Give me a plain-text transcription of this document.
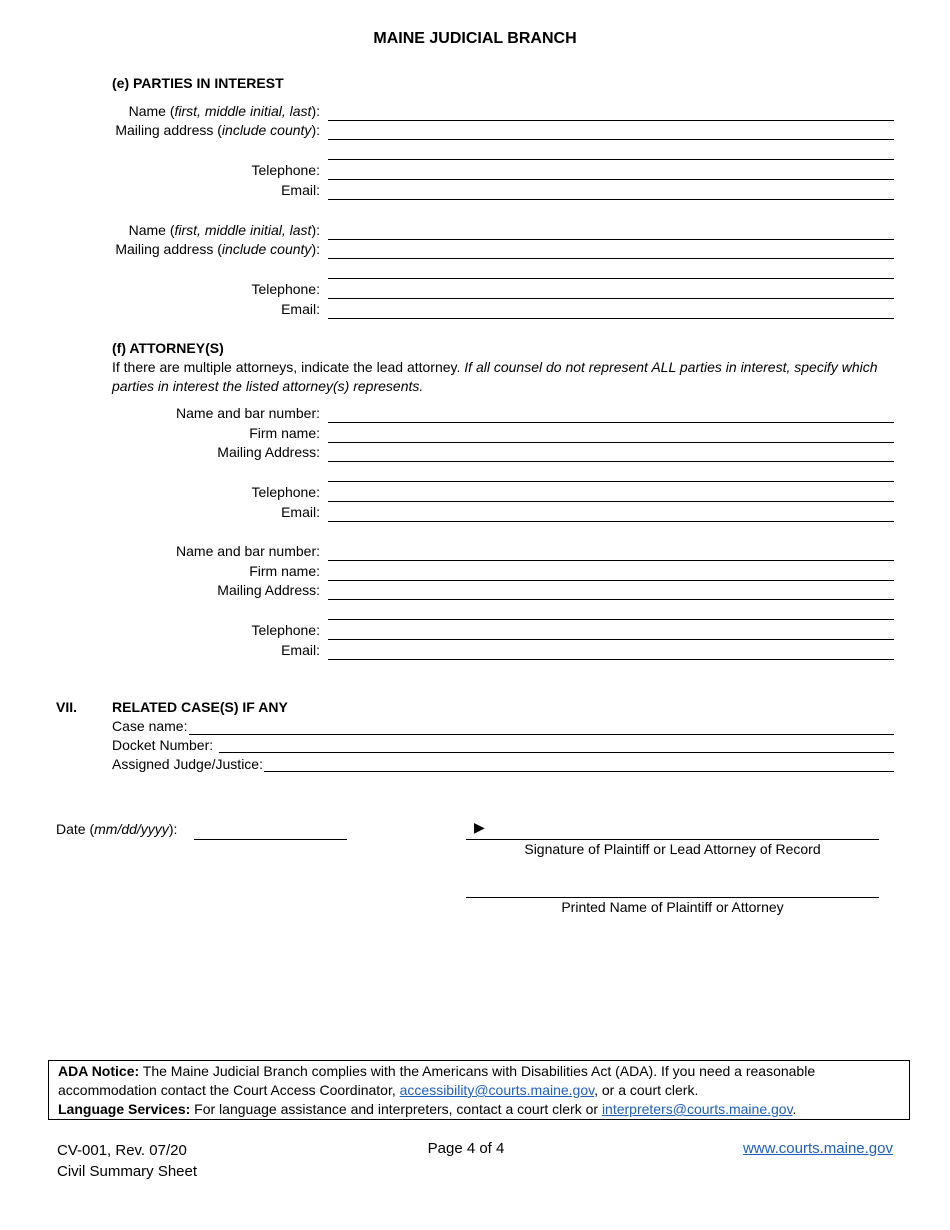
MAINE JUDICIAL BRANCH
(e) PARTIES IN INTEREST
Name (first, middle initial, last):
Mailing address (include county):
Telephone:
Email:
Name (first, middle initial, last):
Mailing address (include county):
Telephone:
Email:
(f) ATTORNEY(S)
If there are multiple attorneys, indicate the lead attorney. If all counsel do not represent ALL parties in interest, specify which parties in interest the listed attorney(s) represents.
Name and bar number:
Firm name:
Mailing Address:
Telephone:
Email:
Name and bar number:
Firm name:
Mailing Address:
Telephone:
Email:
VII. RELATED CASE(S) IF ANY
Case name:
Docket Number:
Assigned Judge/Justice:
Date (mm/dd/yyyy):	▶
Signature of Plaintiff or Lead Attorney of Record
Printed Name of Plaintiff or Attorney
ADA Notice: The Maine Judicial Branch complies with the Americans with Disabilities Act (ADA). If you need a reasonable accommodation contact the Court Access Coordinator, accessibility@courts.maine.gov, or a court clerk.
Language Services: For language assistance and interpreters, contact a court clerk or interpreters@courts.maine.gov.
CV-001, Rev. 07/20
Civil Summary Sheet
Page 4 of 4	www.courts.maine.gov
